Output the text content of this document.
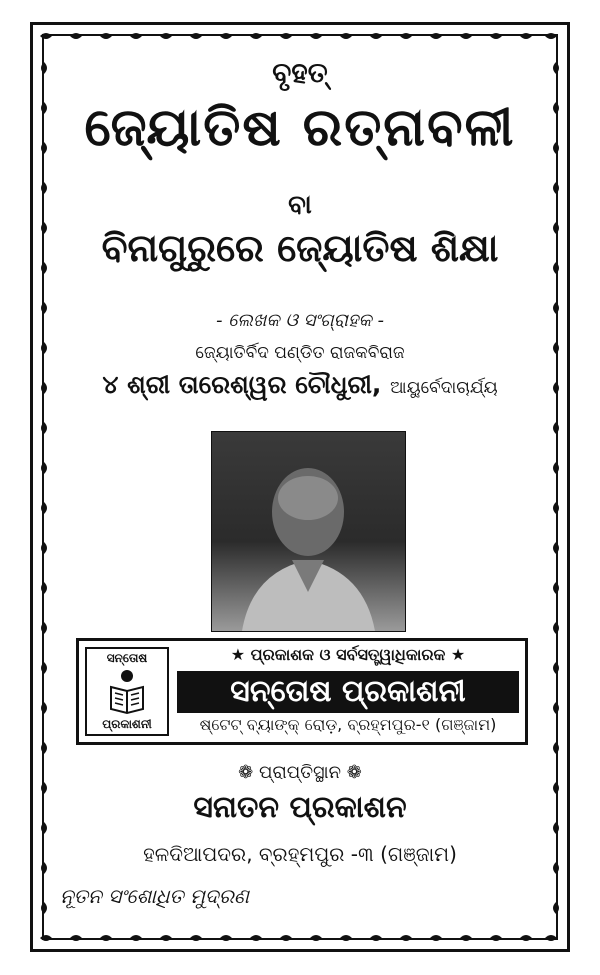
ବୃହତ୍
ଜ୍ୟୋତିଷ ରତ୍ନାବଳୀ
ବା
ବିନାଗୁରୁରେ ଜ୍ୟୋତିଷ ଶିକ୍ଷା
- ଲେଖକ ଓ ସଂଗ୍ରାହକ -
ଜ୍ୟୋତିର୍ବିଦ ପଣ୍ଡିତ ରାଜକବିରାଜ
୪ ଶ୍ରୀ ତାରେଶ୍ୱର ଚୌଧୁରୀ, ଆୟୁର୍ବେଦାଚାର୍ଯ୍ୟ
ସନ୍ତୋଷ
ପ୍ରକାଶନୀ
★ ପ୍ରକାଶକ ଓ ସର୍ବସତ୍ତ୍ୱାଧିକାରକ ★
ସନ୍ତୋଷ ପ୍ରକାଶନୀ
ଷ୍ଟେଟ୍ ବ୍ୟାଙ୍କ୍ ରୋଡ଼, ବ୍ରହ୍ମପୁର-୧ (ଗଞ୍ଜାମ)
❁ ପ୍ରାପ୍ତିସ୍ଥାନ ❁
ସନାତନ ପ୍ରକାଶନ
ହଳଦିଆପଦର, ବ୍ରହ୍ମପୁର -୩ (ଗଞ୍ଜାମ)
ନୂତନ ସଂଶୋଧିତ ମୁଦ୍ରଣ
